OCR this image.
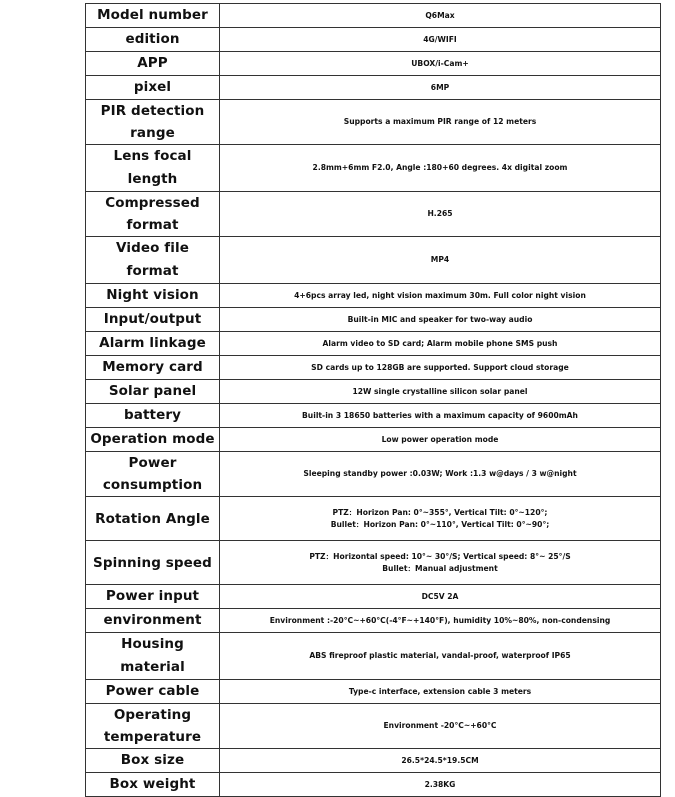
Model number	Q6Max

edition	4G/WIFI

APP	UBOX/i-Cam+

pixel	6MP

PIR detection range	Supports a maximum PIR range of 12 meters

Lens focal length	2.8mm+6mm F2.0, Angle :180+60 degrees. 4x digital zoom

Compressed format	H.265

Video file format	MP4

Night vision	4+6pcs array led, night vision maximum 30m. Full color night vision

Input/output	Built-in MIC and speaker for two-way audio

Alarm linkage	Alarm video to SD card; Alarm mobile phone SMS push

Memory card	SD cards up to 128GB are supported. Support cloud storage

Solar panel	12W single crystalline silicon solar panel

battery	Built-in 3 18650 batteries with a maximum capacity of 9600mAh

Operation mode	Low power operation mode

Power consumption	Sleeping standby power :0.03W; Work :1.3 w@days / 3 w@night

Rotation Angle	PTZ：Horizon Pan: 0°~355°, Vertical Tilt: 0°~120°;
Bullet：Horizon Pan: 0°~110°, Vertical Tilt: 0°~90°;

Spinning speed	PTZ：Horizontal speed: 10°~ 30°/S; Vertical speed: 8°~ 25°/S
Bullet：Manual adjustment

Power input	DC5V 2A

environment	Environment :-20°C~+60°C(-4°F~+140°F), humidity 10%~80%, non-condensing

Housing material	ABS fireproof plastic material, vandal-proof, waterproof IP65

Power cable	Type-c interface, extension cable 3 meters

Operating temperature	Environment -20°C~+60°C

Box size	26.5*24.5*19.5CM

Box weight	2.38KG
